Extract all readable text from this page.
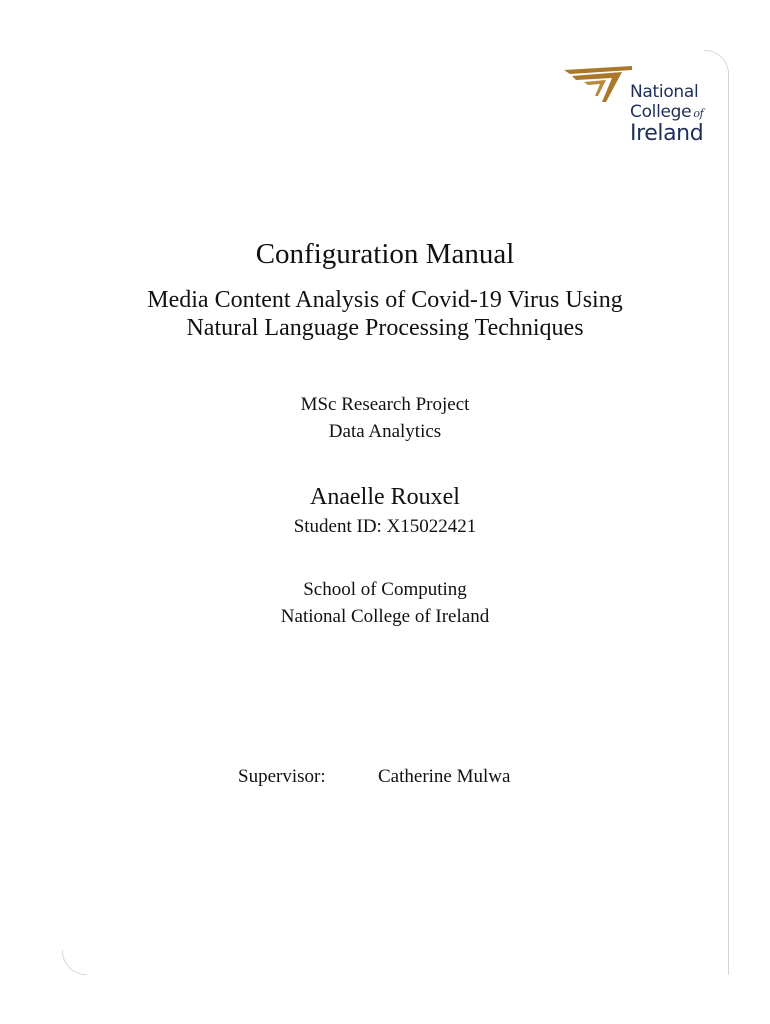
National
College of
Ireland
Configuration Manual
Media Content Analysis of Covid-19 Virus Using
Natural Language Processing Techniques
MSc Research Project
Data Analytics
Anaelle Rouxel
Student ID: X15022421
School of Computing
National College of Ireland
Supervisor:	Catherine Mulwa
